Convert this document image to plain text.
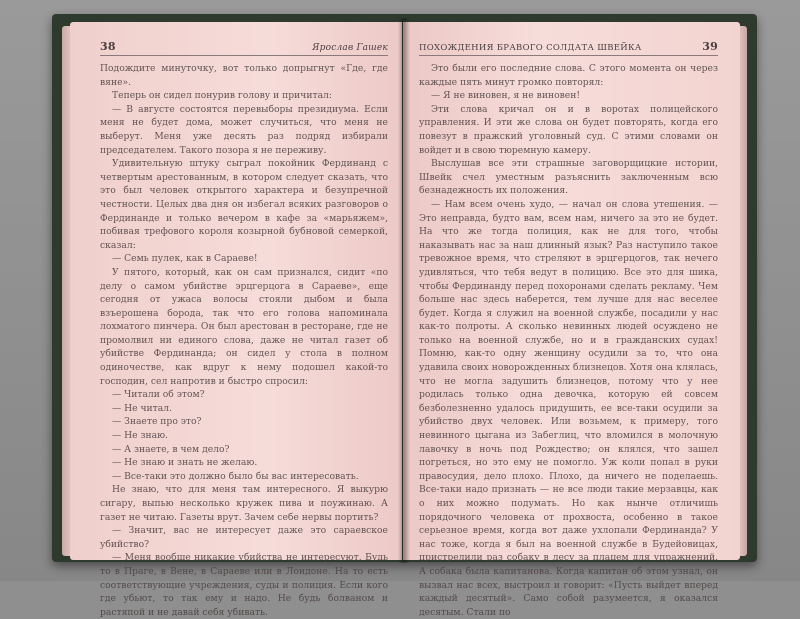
38	Ярослав Гашек

Подождите минуточку, вот только допрыгнут «Где, где вяне».

Теперь он сидел понурив голову и причитал:

— В августе состоятся перевыборы президиума. Если меня не будет дома, может случиться, что меня не выберут. Меня уже десять раз подряд избирали председателем. Такого позора я не переживу.

Удивительную штуку сыграл покойник Фердинанд с четвертым арестованным, в котором следует сказать, что это был человек открытого характера и безупречной честности. Целых два дня он избегал всяких разговоров о Фердинанде и только вечером в кафе за «марьяжем», побивая трефового короля козырной бубновой семеркой, сказал:

— Семь пулек, как в Сараеве!

У пятого, который, как он сам признался, сидит «по делу о самом убийстве эрцгерцога в Сараеве», еще сегодня от ужаса волосы стояли дыбом и была взъерошена борода, так что его голова напоминала лохматого пинчера. Он был арестован в ресторане, где не промолвил ни единого слова, даже не читал газет об убийстве Фердинанда; он сидел у стола в полном одиночестве, как вдруг к нему подошел какой-то господин, сел напротив и быстро спросил:

— Читали об этом?

— Не читал.

— Знаете про это?

— Не знаю.

— А знаете, в чем дело?

— Не знаю и знать не желаю.

— Все-таки это должно было бы вас интересовать.

Не знаю, что для меня там интересного. Я выкурю сигару, выпью несколько кружек пива и поужинаю. А газет не читаю. Газеты врут. Зачем себе нервы портить?

— Значит, вас не интересует даже это сараевское убийство?

— Меня вообще никакие убийства не интересуют. Будь то в Праге, в Вене, в Сараеве или в Лондоне. На то есть соответствующие учреждения, суды и полиция. Если кого где убьют, то так ему и надо. Не будь болваном и растяпой и не давай себя убивать.

ПОХОЖДЕНИЯ БРАВОГО СОЛДАТА ШВЕЙКА	39

Это были его последние слова. С этого момента он через каждые пять минут громко повторял:

— Я не виновен, я не виновен!

Эти слова кричал он и в воротах полицейского управления. И эти же слова он будет повторять, когда его повезут в пражский уголовный суд. С этими словами он войдет и в свою тюремную камеру.

Выслушав все эти страшные заговорщицкие истории, Швейк счел уместным разъяснить заключенным всю безнадежность их положения.

— Нам всем очень худо, — начал он слова утешения. — Это неправда, будто вам, всем нам, ничего за это не будет. На что же тогда полиция, как не для того, чтобы наказывать нас за наш длинный язык? Раз наступило такое тревожное время, что стреляют в эрцгерцогов, так нечего удивляться, что тебя ведут в полицию. Все это для шика, чтобы Фердинанду перед похоронами сделать рекламу. Чем больше нас здесь наберется, тем лучше для нас веселее будет. Когда я служил на военной службе, посадили у нас как-то полроты. А сколько невинных людей осуждено не только на военной службе, но и в гражданских судах! Помню, как-то одну женщину осудили за то, что она удавила своих новорожденных близнецов. Хотя она клялась, что не могла задушить близнецов, потому что у нее родилась только одна девочка, которую ей совсем безболезненно удалось придушить, ее все-таки осудили за убийство двух человек. Или возьмем, к примеру, того невинного цыгана из Забеглиц, что вломился в молочную лавочку в ночь под Рождество; он клялся, что зашел погреться, но это ему не помогло. Уж коли попал в руки правосудия, дело плохо. Плохо, да ничего не поделаешь. Все-таки надо признать — не все люди такие мерзавцы, как о них можно подумать. Но как нынче отличишь порядочного человека от прохвоста, особенно в такое серьезное время, когда вот даже ухлопали Фердинанда? У нас тоже, когда я был на военной службе в Будейовицах, пристрелили раз собаку в лесу за плацем для упражнений. А собака была капитанова. Когда капитан об этом узнал, он вызвал нас всех, выстроил и говорит: «Пусть выйдет вперед каждый десятый». Само собой разумеется, я оказался десятым. Стали по
